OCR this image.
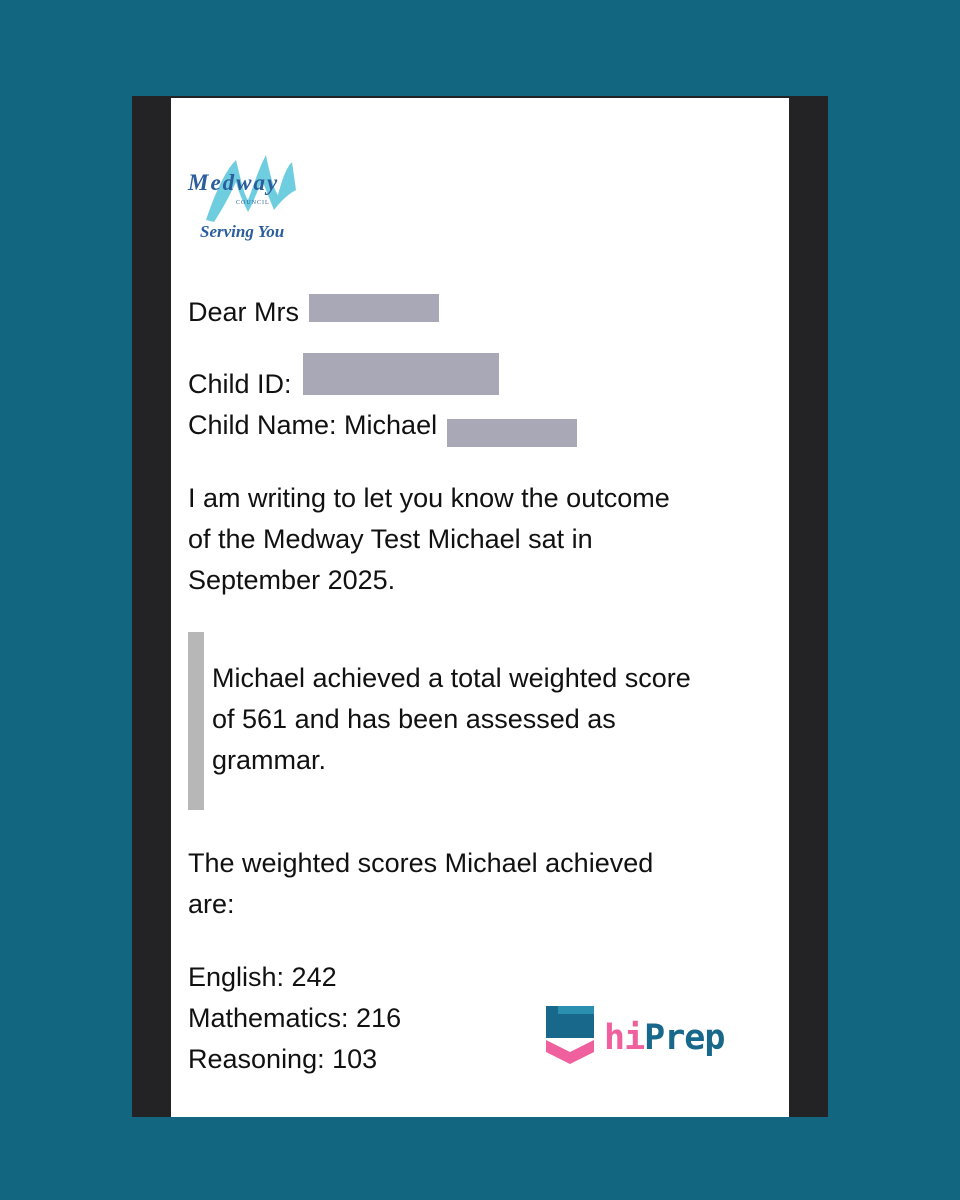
Medway
COUNCIL
Serving You
Dear Mrs
Child ID:
Child Name: Michael
I am writing to let you know the outcome
of the Medway Test Michael sat in
September 2025.
Michael achieved a total weighted score
of 561 and has been assessed as
grammar.
The weighted scores Michael achieved
are:
English: 242
Mathematics: 216
Reasoning: 103
hiPrep
